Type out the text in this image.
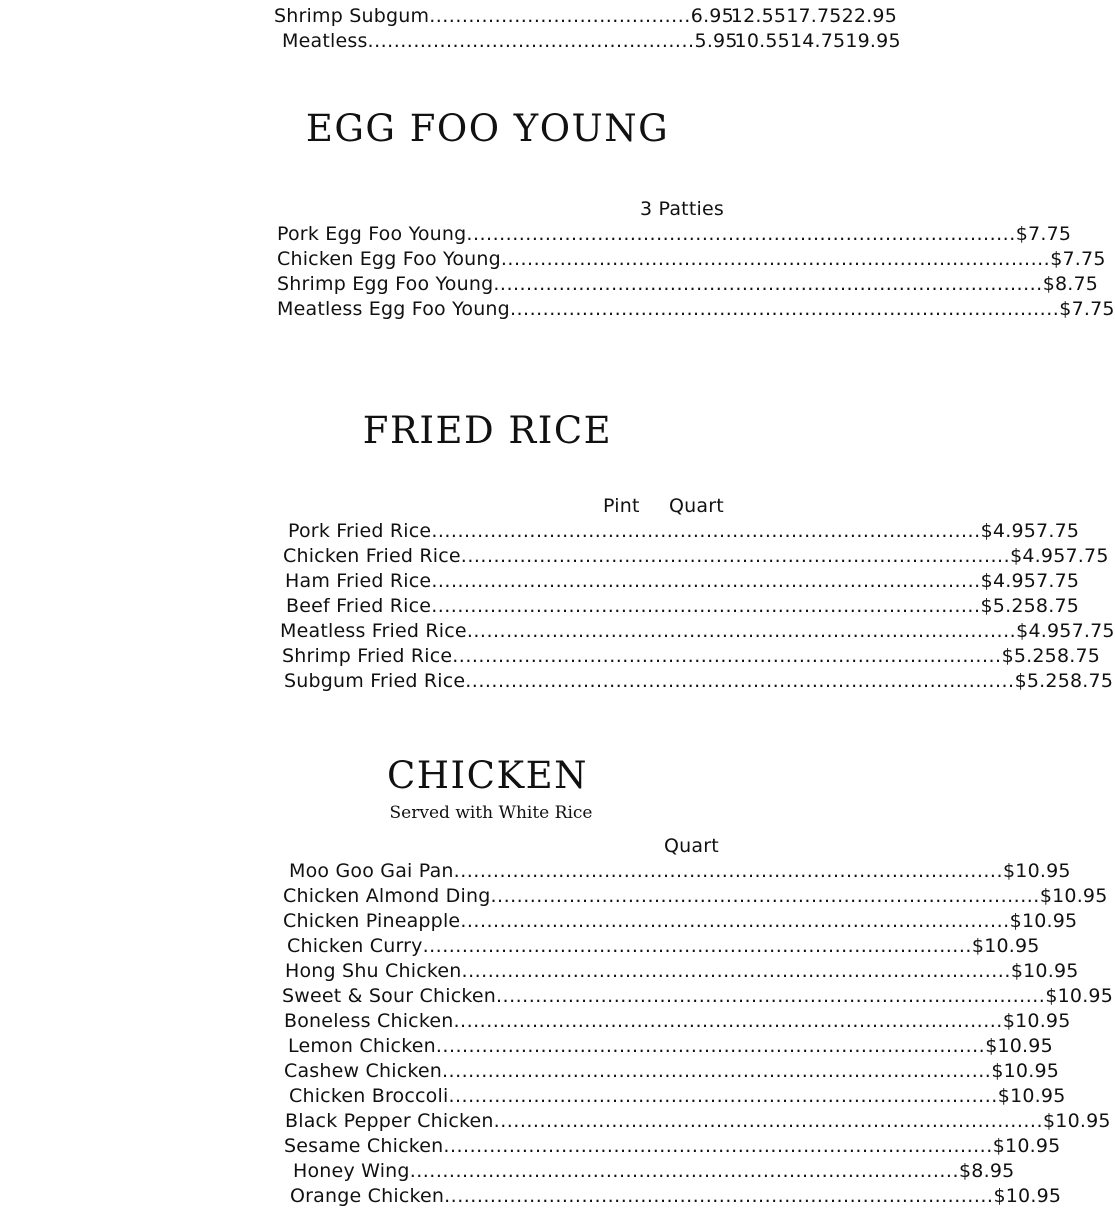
Shrimp Subgum ........................................ 6.95
12.55 17.75 22.95
Meatless .................................................. 5.95
10.55 14.75 19.95
EGG FOO YOUNG
3 Patties
Pork Egg Foo Young .................................................................................... $7.75
Chicken Egg Foo Young .................................................................................... $7.75
Shrimp Egg Foo Young .................................................................................... $8.75
Meatless Egg Foo Young .................................................................................... $7.75
FRIED RICE
Pint Quart
Pork Fried Rice .................................................................................... $4.95 7.75
Chicken Fried Rice .................................................................................... $4.95 7.75
Ham Fried Rice .................................................................................... $4.95 7.75
Beef Fried Rice .................................................................................... $5.25 8.75
Meatless Fried Rice .................................................................................... $4.95 7.75
Shrimp Fried Rice .................................................................................... $5.25 8.75
Subgum Fried Rice .................................................................................... $5.25 8.75
CHICKEN
Served with White Rice
Quart
Moo Goo Gai Pan .................................................................................... $10.95
Chicken Almond Ding .................................................................................... $10.95
Chicken Pineapple .................................................................................... $10.95
Chicken Curry .................................................................................... $10.95
Hong Shu Chicken .................................................................................... $10.95
Sweet & Sour Chicken .................................................................................... $10.95
Boneless Chicken .................................................................................... $10.95
Lemon Chicken .................................................................................... $10.95
Cashew Chicken .................................................................................... $10.95
Chicken Broccoli .................................................................................... $10.95
Black Pepper Chicken .................................................................................... $10.95
Sesame Chicken .................................................................................... $10.95
Honey Wing .................................................................................... $8.95
Orange Chicken .................................................................................... $10.95
